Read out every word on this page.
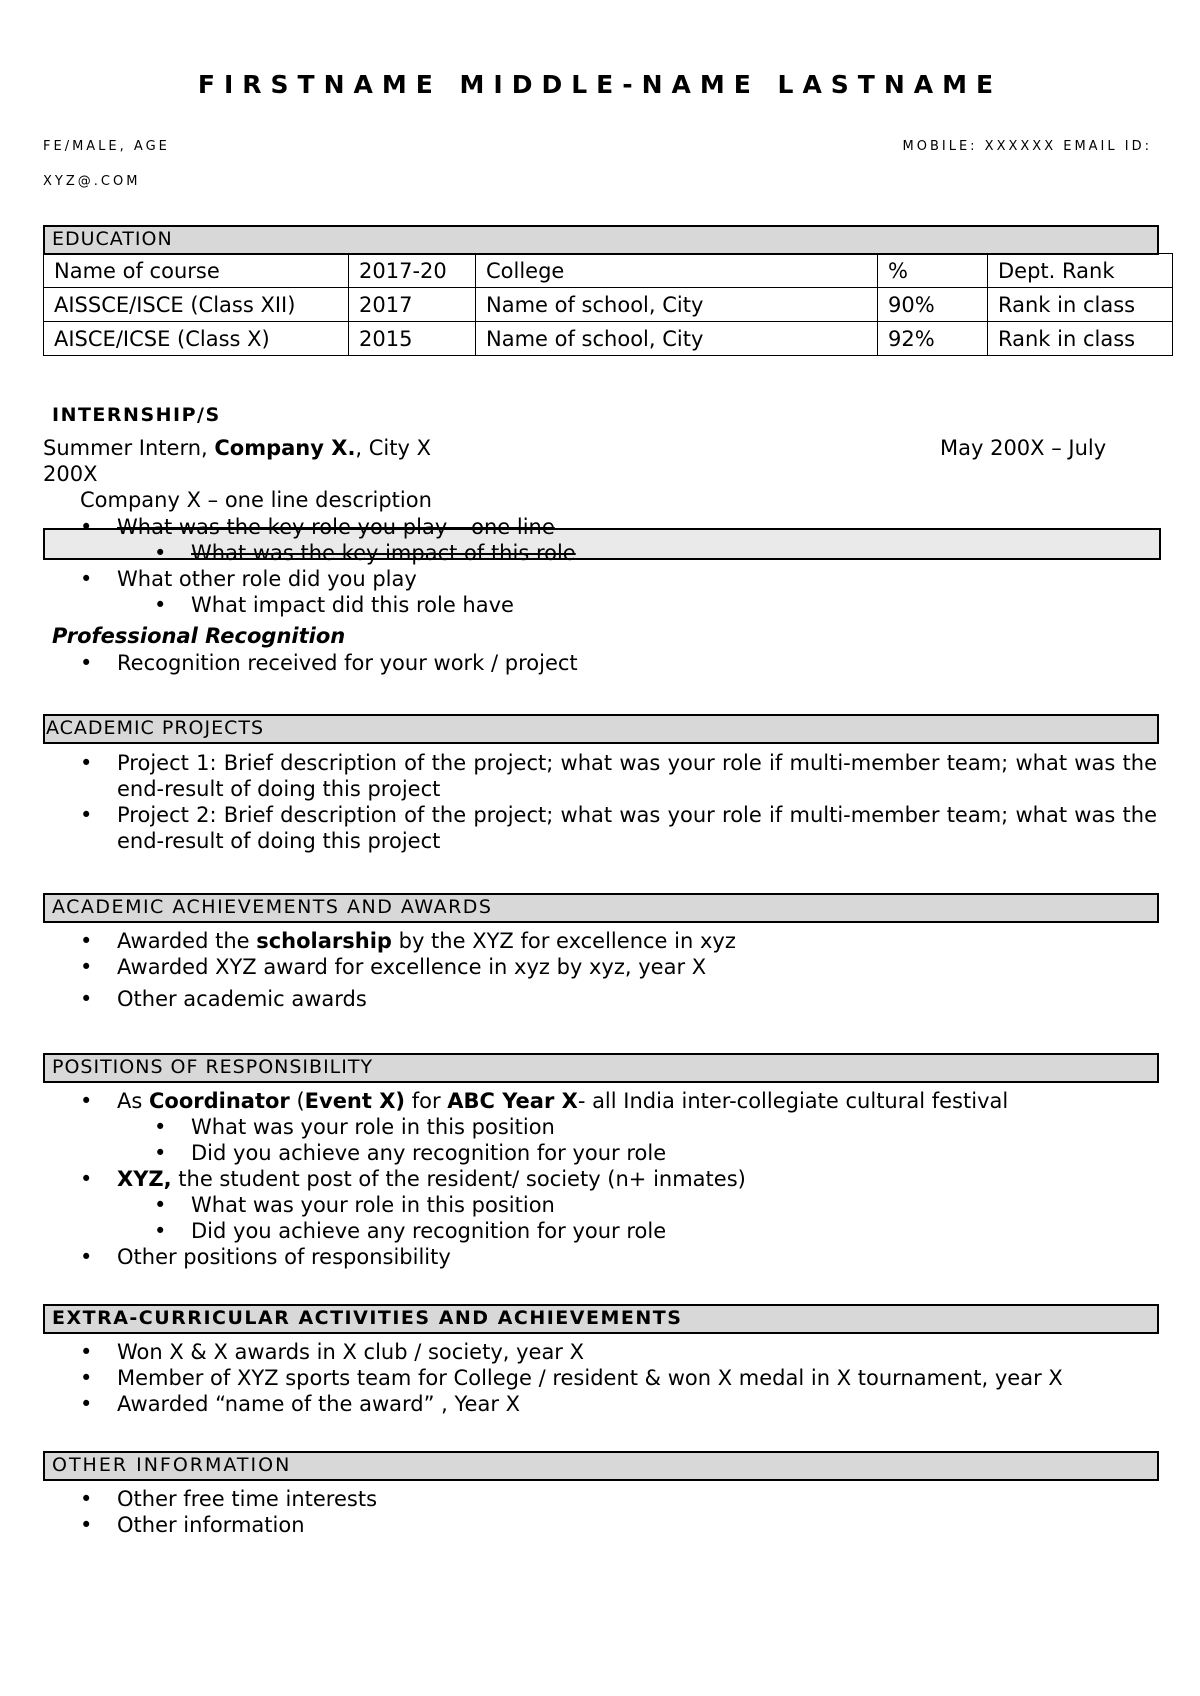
FIRSTNAME MIDDLE-NAME LASTNAME
FE/MALE, AGE	MOBILE: XXXXXX EMAIL ID:
XYZ@.COM
EDUCATION
Name of course	2017-20	College	%	Dept. Rank
AISSCE/ISCE (Class XII)	2017	Name of school, City	90%	Rank in class
AISCE/ICSE (Class X)	2015	Name of school, City	92%	Rank in class
INTERNSHIP/S
Summer Intern, Company X., City X	May 200X – July
200X
Company X – one line description
• What was the key role you play – one line
• What was the key impact of this role
• What other role did you play
• What impact did this role have
Professional Recognition
• Recognition received for your work / project
ACADEMIC PROJECTS
• Project 1: Brief description of the project; what was your role if multi-member team; what was the end-result of doing this project
• Project 2: Brief description of the project; what was your role if multi-member team; what was the end-result of doing this project
ACADEMIC ACHIEVEMENTS AND AWARDS
• Awarded the scholarship by the XYZ for excellence in xyz
• Awarded XYZ award for excellence in xyz by xyz, year X
• Other academic awards
POSITIONS OF RESPONSIBILITY
• As Coordinator (Event X) for ABC Year X- all India inter-collegiate cultural festival
• What was your role in this position
• Did you achieve any recognition for your role
• XYZ, the student post of the resident/ society (n+ inmates)
• What was your role in this position
• Did you achieve any recognition for your role
• Other positions of responsibility
EXTRA-CURRICULAR ACTIVITIES AND ACHIEVEMENTS
• Won X & X awards in X club / society, year X
• Member of XYZ sports team for College / resident & won X medal in X tournament, year X
• Awarded “name of the award” , Year X
OTHER INFORMATION
• Other free time interests
• Other information
